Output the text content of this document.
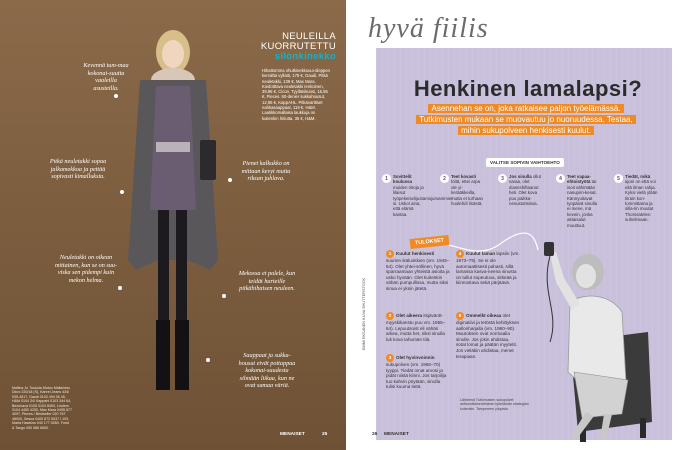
Kevennä tum-maa kokonai-suutta vaaleilla asusteilla.
Pitkä neuletakki sopaa jalkamekkoa ja pettää sopivasti kimalluksta.
Pienet kalkukko on mittaan kevyt mutta riksan juhlava.
Neuletakki on oikean mittainen, kun se on suu-viska sen pidempi kuin mekon helma.
Mekossa et palele, kun teidät harteille pitkähihaisen neuleen.
Saappaat ja sukka-housut eivät pottappaa kokonai-suudesta silmään liikaa, kun ne ovat samaa väriä.
NEULEILLA
KUORRUTETTU
silonkinekko
Hihattomma ohutkinekkouui-dieppen kerraltta vyllatti, 179 €, Gaudi. Pitkä neuletakki, 139 €, Max Mara. Kiedotttava neuletakki renkoinen, 39,95 €, Cicon. Tyyllänikunsi, 15,95 €, Pieces. 50-denier sukkahousut, 12,95 €, KappAHL. Pitkävarttiset nahkasaappaat, 119 €, H&M. Laatikkomallaisa laukkuja on kuitenkin hiriutta. 35 €, H&M.
Mallina Jo Tuukula Motou Malla/otsu Dicro 220/18 (S), Kanrel Jeans 434/ 935-4817, Gaudi 0103 494 06 45, H&M 0104 34/ Kappahl 0103 344 64, Bezuhava 0105 0103 8400, Linders 0104 4450 4250, Max Mara 0495 877 4097, Pieces / Bestseller 020 767 48000, Sesua 0405 872 5037 I 193, Marta Hawkins 040 177 0050. Fond & Tango 050 586 6600.
MENAISET	25
hyvä fiilis
Henkinen lamalapsi?
Asennehan se on, joka ratkaisee paljon työelämässä. Tutkimusten mukaan se muovautuu jo nuoruudessa. Testaa, mihin sukupolveen henkisesti kuulut.
VALITSE SOPIVIN VAIHTOEHTO
1 Sovittelit koulussa muiden riitoja ja lilaisut työpekeiselijustamsjumammie-si. Uskot aina, että elämä kantaa.
2 Teet kovasti töitä, ettei arpa ole yi-kerääkkeilla, mutta et turhaan huolehdi lisästä.
3 Jos sinulla ollut varaa, olet downshiftaanut heti. Olet kova puu paikka-nesustotisissa.
4 Teet vapaa-ehtoistyötä tai isoit vähintään nasupim-kesat. Kännyuitavat tyopäivä sinulla ei mene, mä kevein, jonka aktaisalut muuttuut.
5 Tiedät, mikä ajoni on että voi eliä ilman rahja. Kyksi vielä ylään tiirain kon-tommittama ja silla-tin muutat Thorssatelen suhelimaan.
TULOKSET
1 Kuulut henkisesti suurien ikäluokkien (vm. 1945–54). Olet yhtei-söllinen, hyvä sparraamaan yhteistä asioita ja usko hyvään. Olet kuitenkin vähän pumpullissa, mutta siksi sinua ei yksin jätetä.
2 Olet aikeera itsjäväntt-myyskikanstu puu vm. 1955–64). Lepuutsoist eli vähän arkea, mutta het, siksi sinulla luk kova tahumän tilä.
3 Olet hyvinvoinnin sukupolven (vm. 1965–70) tyyppi. Tiedät omat arvosi ja pidät niistä kiinni. Jos tarjoilija tuo kahvin pöytään, sinulla tulisi kuuma tietä.
4 Kuulut laman lapsiin (vm. 1973–79). Se ei ole automaattisesti pahasti, sillä lamassa kasva-neena sinusta on tullut sopeutuva, sitkeää ja kiinnostava sekä pärjäävä.
5 Ommelkt oikeaa olet diginatiivi ja tetöstä kehittyksen aallonharjalla (vm. 1980–90). Muutoksen ovat normaalia sinulle. Jos jokin ahdistaa, sotat lomat ja päätän myytetit. Jos vieläkin ahdistaa, menet terapiaan.
Lähteenä Tutkimusten sukupolvet antirundta/sentiminen työelämän strategian kuitenkin. Tampereen yliopisto.
EMMI EKSANEN KUVA SHUTTERSTOCK
26 MENAISET
